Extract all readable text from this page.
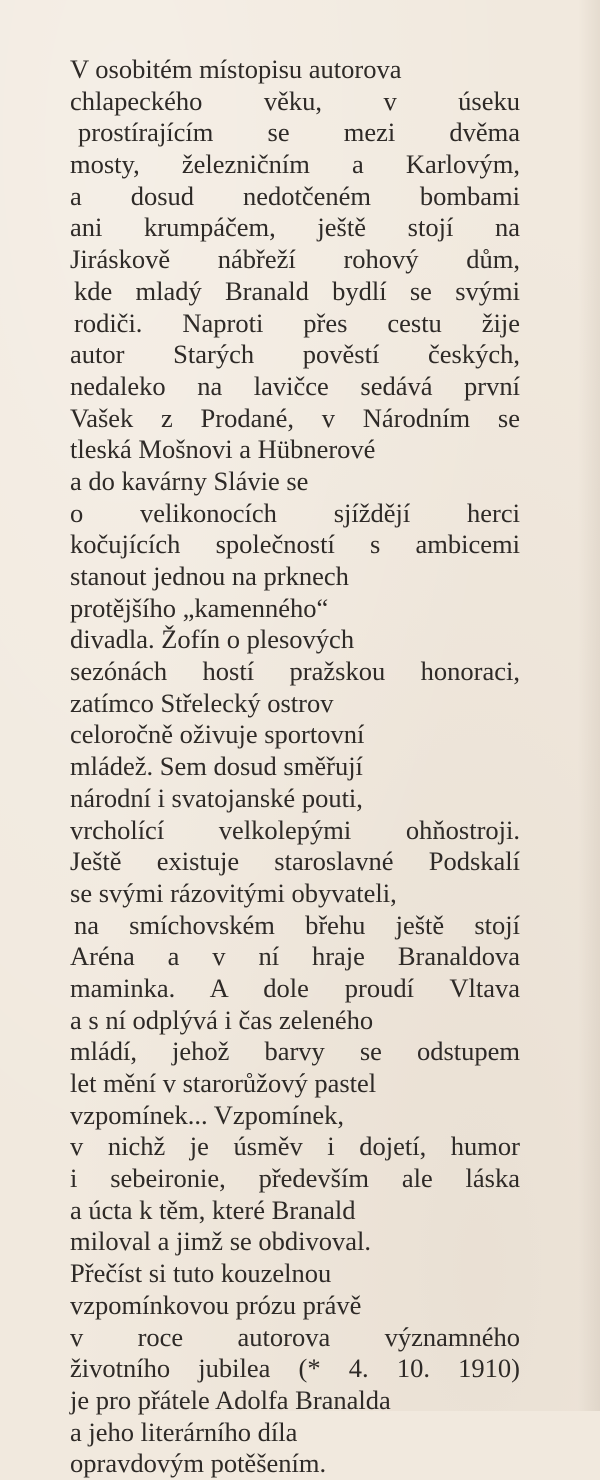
V osobitém místopisu autorova
chlapeckého věku, v úseku
prostírajícím se mezi dvěma
mosty, železničním a Karlovým,
a dosud nedotčeném bombami
ani krumpáčem, ještě stojí na
Jiráskově nábřeží rohový dům,
kde mladý Branald bydlí se svými
rodiči. Naproti přes cestu žije
autor Starých pověstí českých,
nedaleko na lavičce sedává první
Vašek z Prodané, v Národním se
tleská Mošnovi a Hübnerové
a do kavárny Slávie se
o velikonocích sjíždějí herci
kočujících společností s ambicemi
stanout jednou na prknech
protějšího „kamenného“
divadla. Žofín o plesových
sezónách hostí pražskou honoraci,
zatímco Střelecký ostrov
celoročně oživuje sportovní
mládež. Sem dosud směřují
národní i svatojanské pouti,
vrcholící velkolepými ohňostroji.
Ještě existuje staroslavné Podskalí
se svými rázovitými obyvateli,
na smíchovském břehu ještě stojí
Aréna a v ní hraje Branaldova
maminka. A dole proudí Vltava
a s ní odplývá i čas zeleného
mládí, jehož barvy se odstupem
let mění v starorůžový pastel
vzpomínek... Vzpomínek,
v nichž je úsměv i dojetí, humor
i sebeironie, především ale láska
a úcta k těm, které Branald
miloval a jimž se obdivoval.
Přečíst si tuto kouzelnou
vzpomínkovou prózu právě
v roce autorova významného
životního jubilea (* 4. 10. 1910)
je pro přátele Adolfa Branalda
a jeho literárního díla
opravdovým potěšením.
